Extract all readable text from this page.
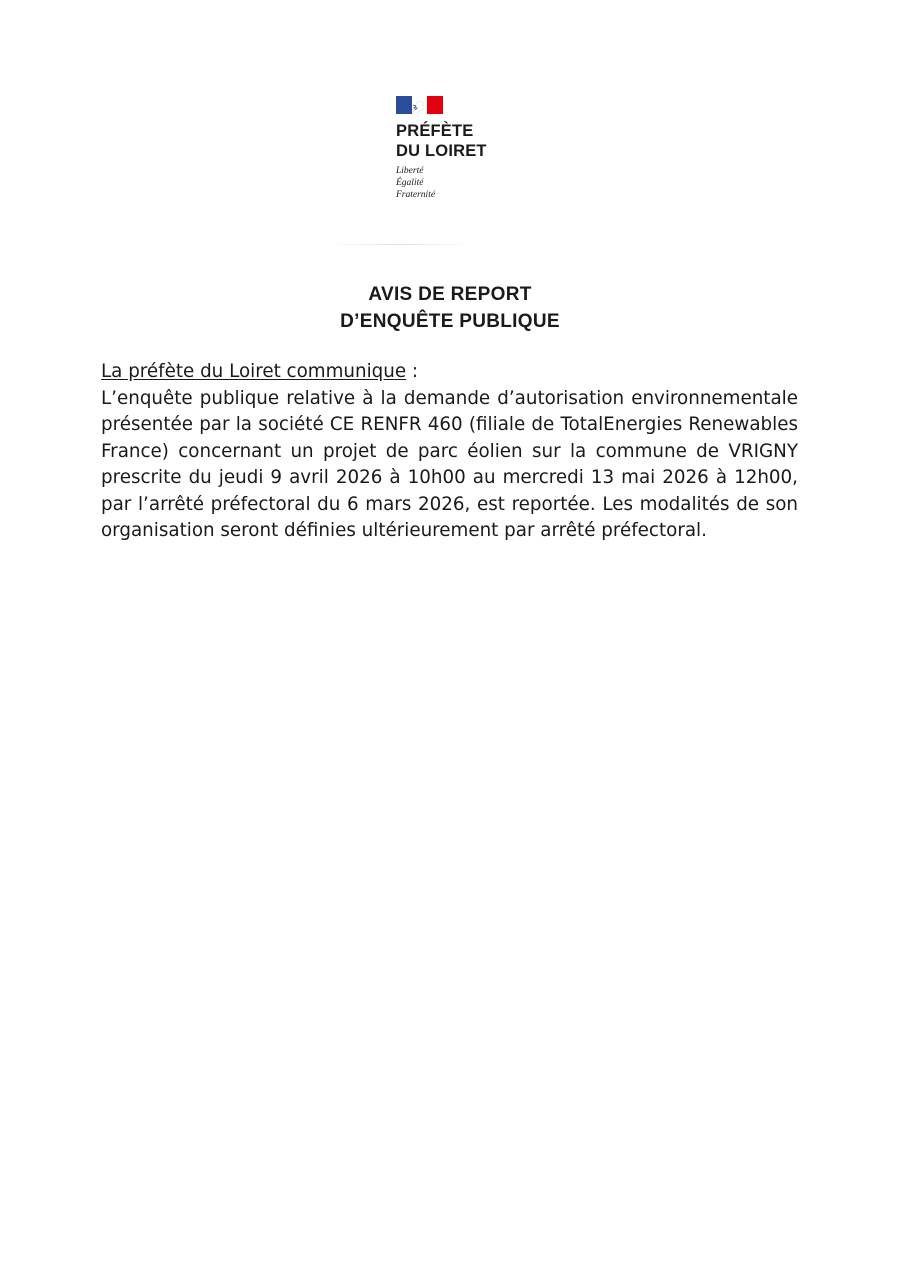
PRÉFÈTE
DU LOIRET
Liberté
Égalité
Fraternité
AVIS DE REPORT
D’ENQUÊTE PUBLIQUE
La préfète du Loiret communique :
L’enquête publique relative à la demande d’autorisation environnementale présentée par la société CE RENFR 460 (filiale de TotalEnergies Renewables France) concernant un projet de parc éolien sur la commune de VRIGNY prescrite du jeudi 9 avril 2026 à 10h00 au mercredi 13 mai 2026 à 12h00, par l’arrêté préfectoral du 6 mars 2026, est reportée. Les modalités de son organisation seront définies ultérieurement par arrêté préfectoral.
